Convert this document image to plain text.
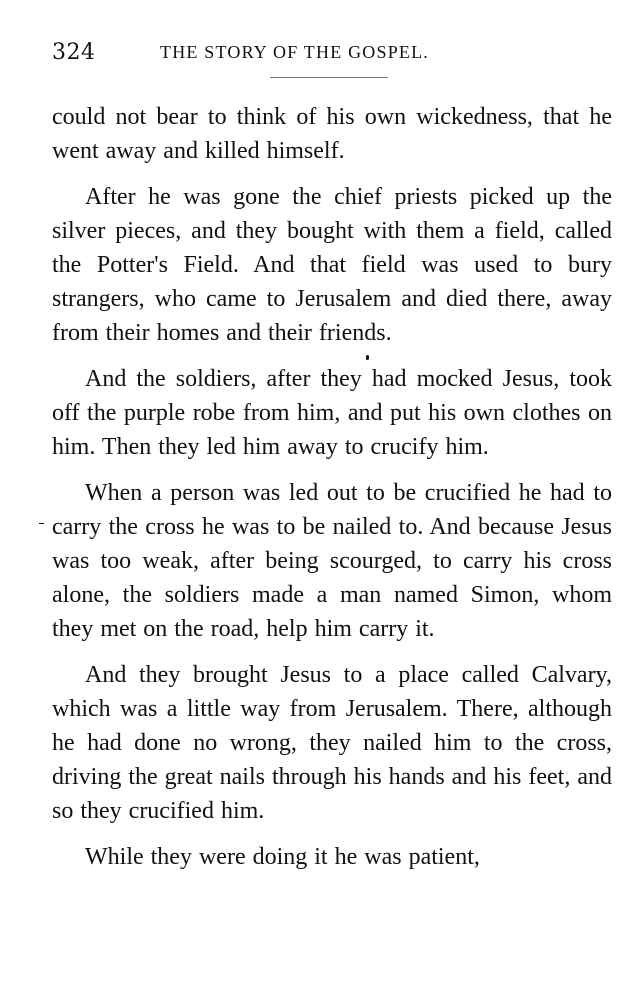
324	THE STORY OF THE GOSPEL.

could not bear to think of his own wickedness, that he went away and killed himself.

After he was gone the chief priests picked up the silver pieces, and they bought with them a field, called the Potter's Field. And that field was used to bury strangers, who came to Jerusalem and died there, away from their homes and their friends.

And the soldiers, after they had mocked Jesus, took off the purple robe from him, and put his own clothes on him. Then they led him away to crucify him.

When a person was led out to be crucified he had to carry the cross he was to be nailed to. And because Jesus was too weak, after being scourged, to carry his cross alone, the soldiers made a man named Simon, whom they met on the road, help him carry it.

And they brought Jesus to a place called Calvary, which was a little way from Jerusalem. There, although he had done no wrong, they nailed him to the cross, driving the great nails through his hands and his feet, and so they crucified him.

While they were doing it he was patient,
